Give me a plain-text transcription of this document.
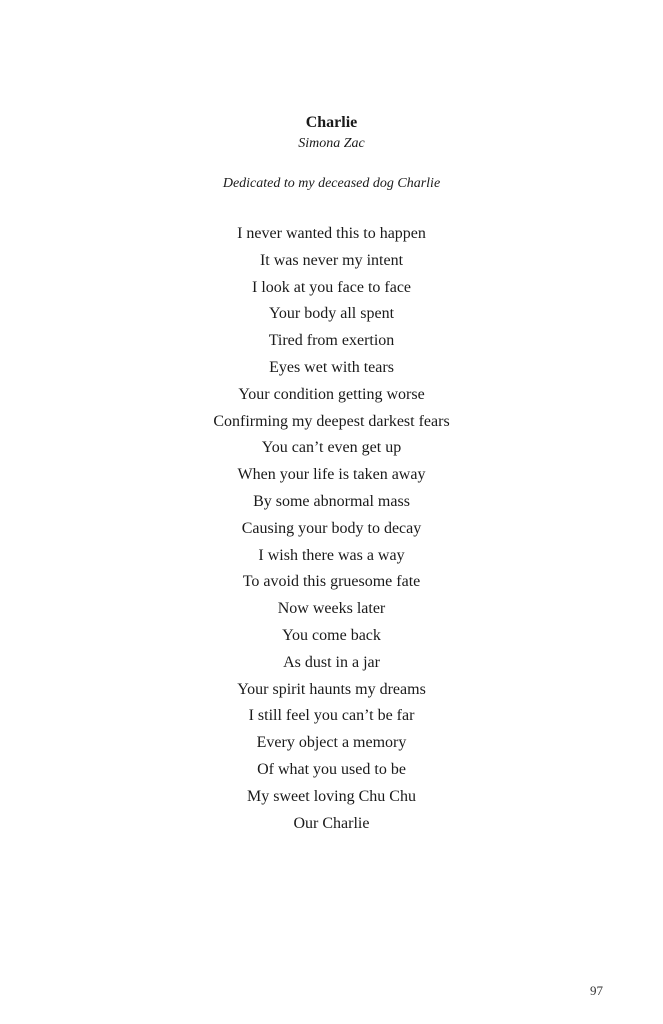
Charlie
Simona Zac
Dedicated to my deceased dog Charlie
I never wanted this to happen
It was never my intent
I look at you face to face
Your body all spent
Tired from exertion
Eyes wet with tears
Your condition getting worse
Confirming my deepest darkest fears
You can’t even get up
When your life is taken away
By some abnormal mass
Causing your body to decay
I wish there was a way
To avoid this gruesome fate
Now weeks later
You come back
As dust in a jar
Your spirit haunts my dreams
I still feel you can’t be far
Every object a memory
Of what you used to be
My sweet loving Chu Chu
Our Charlie
97
